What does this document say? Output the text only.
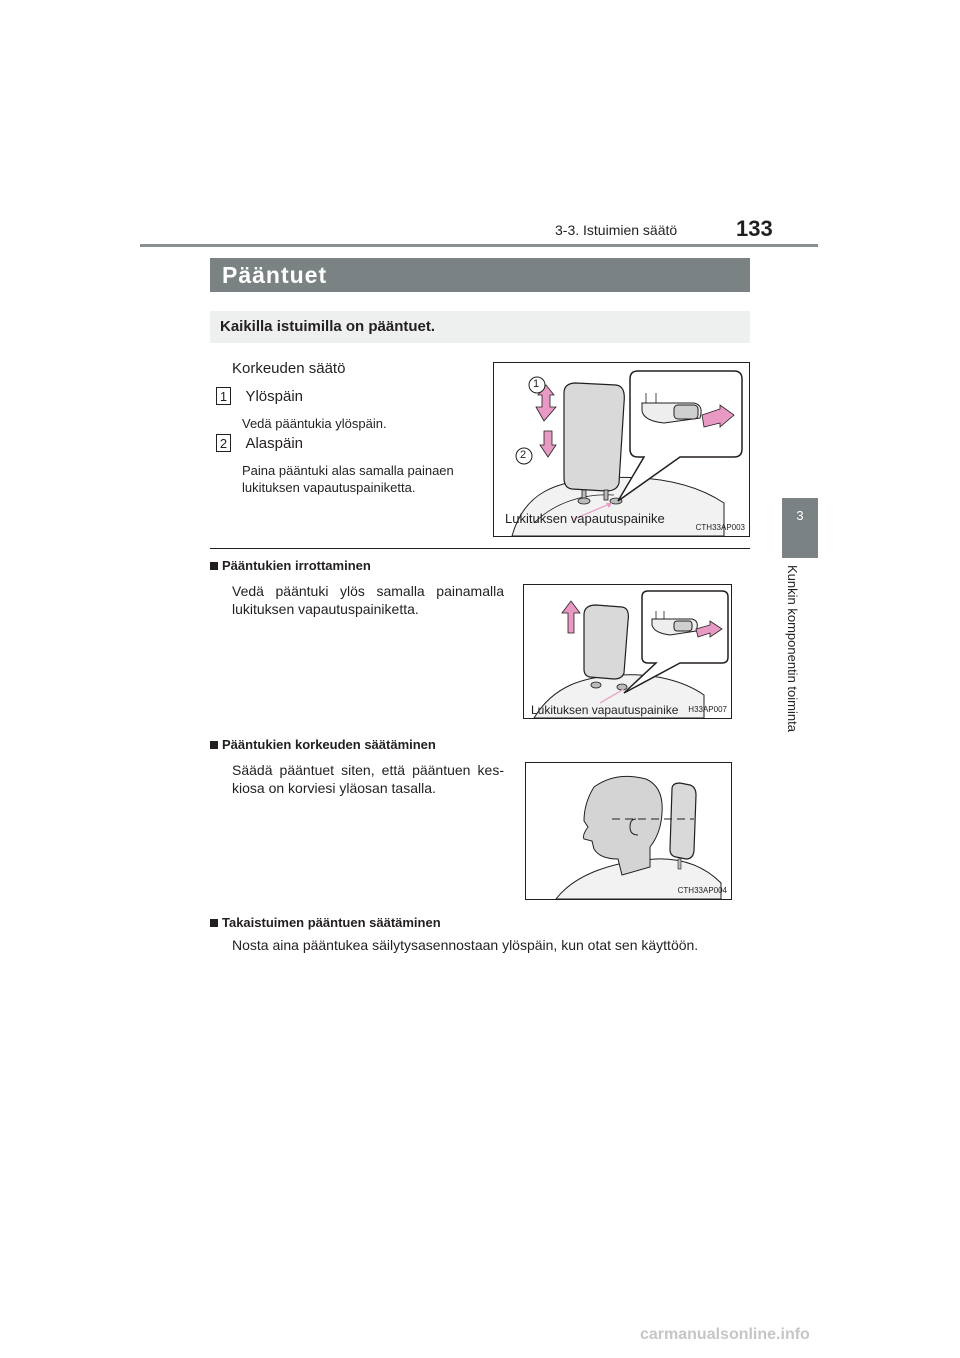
3-3. Istuimien säätö	133
3
Kunkin komponentin toiminta
Pääntuet
Kaikilla istuimilla on pääntuet.
Korkeuden säätö
1 Ylöspäin
Vedä pääntukia ylöspäin.
2 Alaspäin
Paina pääntuki alas samalla painaen lukituksen vapautuspainiketta.
Lukituksen vapautuspainike
CTH33AP003
1
2
Pääntukien irrottaminen
Vedä pääntuki ylös samalla painamalla lukituksen vapautuspainiketta.
Lukituksen vapautuspainike H33AP007
Pääntukien korkeuden säätäminen
Säädä pääntuet siten, että pääntuen kes-kiosa on korviesi yläosan tasalla.
CTH33AP004
Takaistuimen pääntuen säätäminen
Nosta aina pääntukea säilytysasennostaan ylöspäin, kun otat sen käyttöön.
carmanualsonline.info
